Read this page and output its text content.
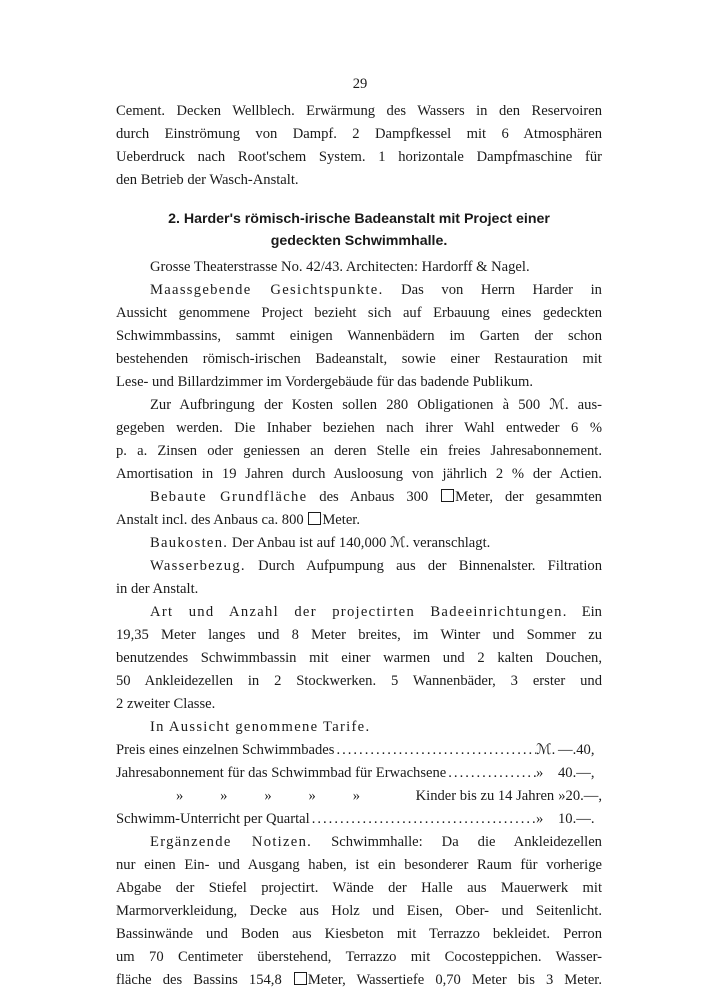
29
Cement. Decken Wellblech. Erwärmung des Wassers in den Reservoiren
durch Einströmung von Dampf. 2 Dampfkessel mit 6 Atmosphären
Ueberdruck nach Root'schem System. 1 horizontale Dampfmaschine für
den Betrieb der Wasch-Anstalt.
2. Harder's römisch-irische Badeanstalt mit Project einer
gedeckten Schwimmhalle.
Grosse Theaterstrasse No. 42/43. Architecten: Hardorff & Nagel.
Maassgebende Gesichtspunkte. Das von Herrn Harder in
Aussicht genommene Project bezieht sich auf Erbauung eines gedeckten
Schwimmbassins, sammt einigen Wannenbädern im Garten der schon
bestehenden römisch-irischen Badeanstalt, sowie einer Restauration mit
Lese- und Billardzimmer im Vordergebäude für das badende Publikum.
Zur Aufbringung der Kosten sollen 280 Obligationen à 500 ℳ. aus-
gegeben werden. Die Inhaber beziehen nach ihrer Wahl entweder 6 %
p. a. Zinsen oder geniessen an deren Stelle ein freies Jahresabonnement.
Amortisation in 19 Jahren durch Ausloosung von jährlich 2 % der Actien.
Bebaute Grundfläche des Anbaus 300 Meter, der gesammten
Anstalt incl. des Anbaus ca. 800 Meter.
Baukosten. Der Anbau ist auf 140,000 ℳ. veranschlagt.
Wasserbezug. Durch Aufpumpung aus der Binnenalster. Filtration
in der Anstalt.
Art und Anzahl der projectirten Badeeinrichtungen. Ein
19,35 Meter langes und 8 Meter breites, im Winter und Sommer zu
benutzendes Schwimmbassin mit einer warmen und 2 kalten Douchen,
50 Ankleidezellen in 2 Stockwerken. 5 Wannenbäder, 3 erster und
2 zweiter Classe.
In Aussicht genommene Tarife.
Preis eines einzelnen Schwimmbades .....	ℳ. —.40,
Jahresabonnement für das Schwimmbad für Erwachsene .....	»	40.—,
»	»	»	»	»	Kinder bis zu 14 Jahren » 20.—,
Schwimm-Unterricht per Quartal .....	»	10.—.
Ergänzende Notizen. Schwimmhalle: Da die Ankleidezellen
nur einen Ein- und Ausgang haben, ist ein besonderer Raum für vorherige
Abgabe der Stiefel projectirt. Wände der Halle aus Mauerwerk mit
Marmorverkleidung, Decke aus Holz und Eisen, Ober- und Seitenlicht.
Bassinwände und Boden aus Kiesbeton mit Terrazzo bekleidet. Perron
um 70 Centimeter überstehend, Terrazzo mit Cocosteppichen. Wasser-
fläche des Bassins 154,8 Meter, Wassertiefe 0,70 Meter bis 3 Meter.
